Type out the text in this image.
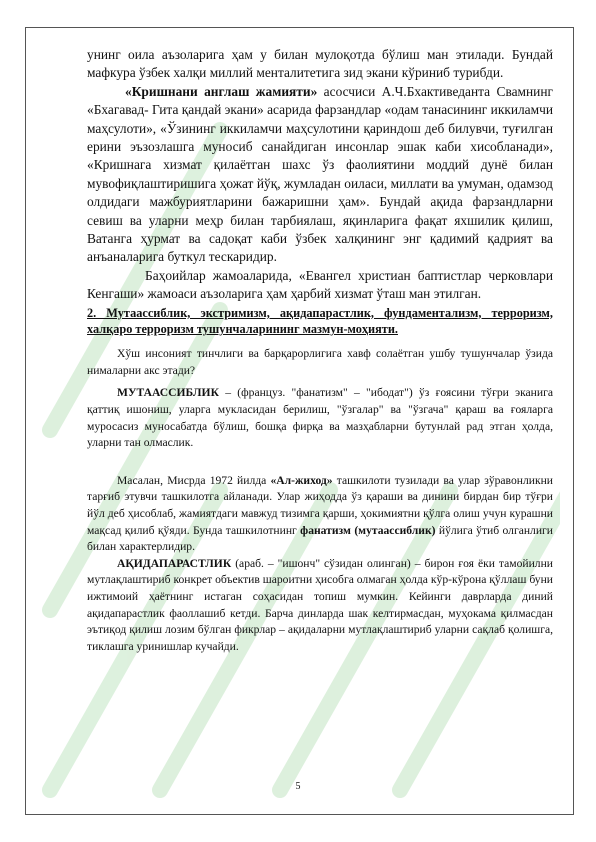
унинг оила аъзоларига ҳам у билан мулоқотда бўлиш ман этилади. Бундай мафкура ўзбек халқи миллий менталитетига зид экани кўриниб турибди.

«Кришнани англаш жамияти» асосчиси А.Ч.Бхактиведанта Свамнинг «Бхагавад- Гита қандай экани» асарида фарзандлар «одам танасининг иккиламчи маҳсулоти», «Ўзининг иккиламчи маҳсулотини қариндош деб билувчи, туғилган ерини эъзозлашга муносиб санайдиган инсонлар эшак каби хисобланади», «Кришнага хизмат қилаётган шахс ўз фаолиятини моддий дунё билан мувофиқлаштиришига ҳожат йўқ, жумладан оиласи, миллати ва умуман, одамзод олдидаги мажбуриятларини бажаришни ҳам». Бундай ақида фарзандларни севиш ва уларни меҳр билан тарбиялаш, яқинларига фақат яхшилик қилиш, Ватанга ҳурмат ва садоқат каби ўзбек халқининг энг қадимий қадрият ва анъаналарига буткул тескаридир.

Баҳоийлар жамоаларида, «Евангел христиан баптистлар черковлари Кенгаши» жамоаси аъзоларига ҳам ҳарбий хизмат ўташ ман этилган.

2. Мутаассиблик, экстримизм, ақидапарастлик, фундаментализм, терроризм, халқаро терроризм тушунчаларининг мазмун-моҳияти.

Хўш инсоният тинчлиги ва барқарорлигига хавф солаётган ушбу тушунчалар ўзида нималарни акс этади?

МУТААССИБЛИК – (француз. "фанатизм" – "ибодат") ўз ғоясини тўғри эканига қаттиқ ишониш, уларга мукласидан берилиш, "ўзгалар" ва "ўзгача" қараш ва ғояларга муросасиз муносабатда бўлиш, бошқа фирқа ва мазҳабларни бутунлай рад этган ҳолда, уларни тан олмаслик.

Масалан, Мисрда 1972 йилда «Ал-жиход» ташкилоти тузилади ва улар зўравонликни тарғиб этувчи ташкилотга айланади. Улар жиҳодда ўз қараши ва динини бирдан бир тўғри йўл деб ҳисоблаб, жамиятдаги мавжуд тизимга қарши, ҳокимиятни қўлга олиш учун курашни мақсад қилиб қўяди. Бунда ташкилотнинг фанатизм (мутаассиблик) йўлига ўтиб олганлиги билан характерлидир.

АҚИДАПАРАСТЛИК (араб. – "ишонч" сўзидан олинган) – бирон ғоя ёки тамойилни мутлақлаштириб конкрет объектив шароитни ҳисобга олмаган ҳолда кўр-кўрона қўллаш буни ижтимоий ҳаётнинг истаган соҳасидан топиш мумкин. Кейинги даврларда диний ақидапарастлик фаоллашиб кетди. Барча динларда шак келтирмасдан, муҳокама қилмасдан эътиқод қилиш лозим бўлган фикрлар – ақидаларни мутлақлаштириб уларни сақлаб қолишга, тиклашга уринишлар кучайди.

5
